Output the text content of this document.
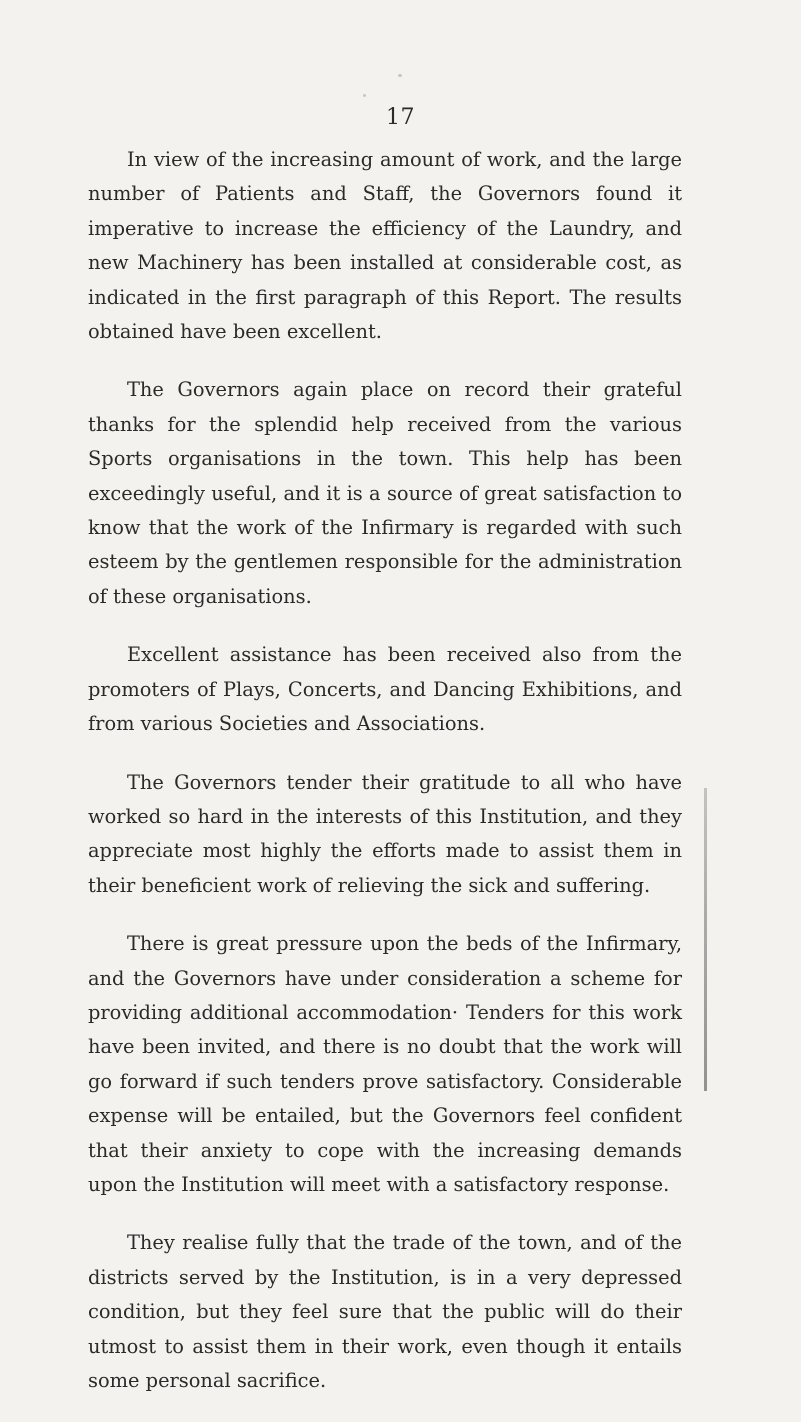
17

In view of the increasing amount of work, and the large number of Patients and Staff, the Governors found it imperative to increase the efficiency of the Laundry, and new Machinery has been installed at considerable cost, as indicated in the first paragraph of this Report. The results obtained have been excellent.

The Governors again place on record their grateful thanks for the splendid help received from the various Sports organisations in the town. This help has been exceedingly useful, and it is a source of great satisfaction to know that the work of the Infirmary is regarded with such esteem by the gentlemen responsible for the administration of these organisations.

Excellent assistance has been received also from the promoters of Plays, Concerts, and Dancing Exhibitions, and from various Societies and Associations.

The Governors tender their gratitude to all who have worked so hard in the interests of this Institution, and they appreciate most highly the efforts made to assist them in their beneficient work of relieving the sick and suffering.

There is great pressure upon the beds of the Infirmary, and the Governors have under consideration a scheme for providing additional accommodation· Tenders for this work have been invited, and there is no doubt that the work will go forward if such tenders prove satisfactory. Considerable expense will be entailed, but the Governors feel confident that their anxiety to cope with the increasing demands upon the Institution will meet with a satisfactory response.

They realise fully that the trade of the town, and of the districts served by the Institution, is in a very depressed condition, but they feel sure that the public will do their utmost to assist them in their work, even though it entails some personal sacrifice.
